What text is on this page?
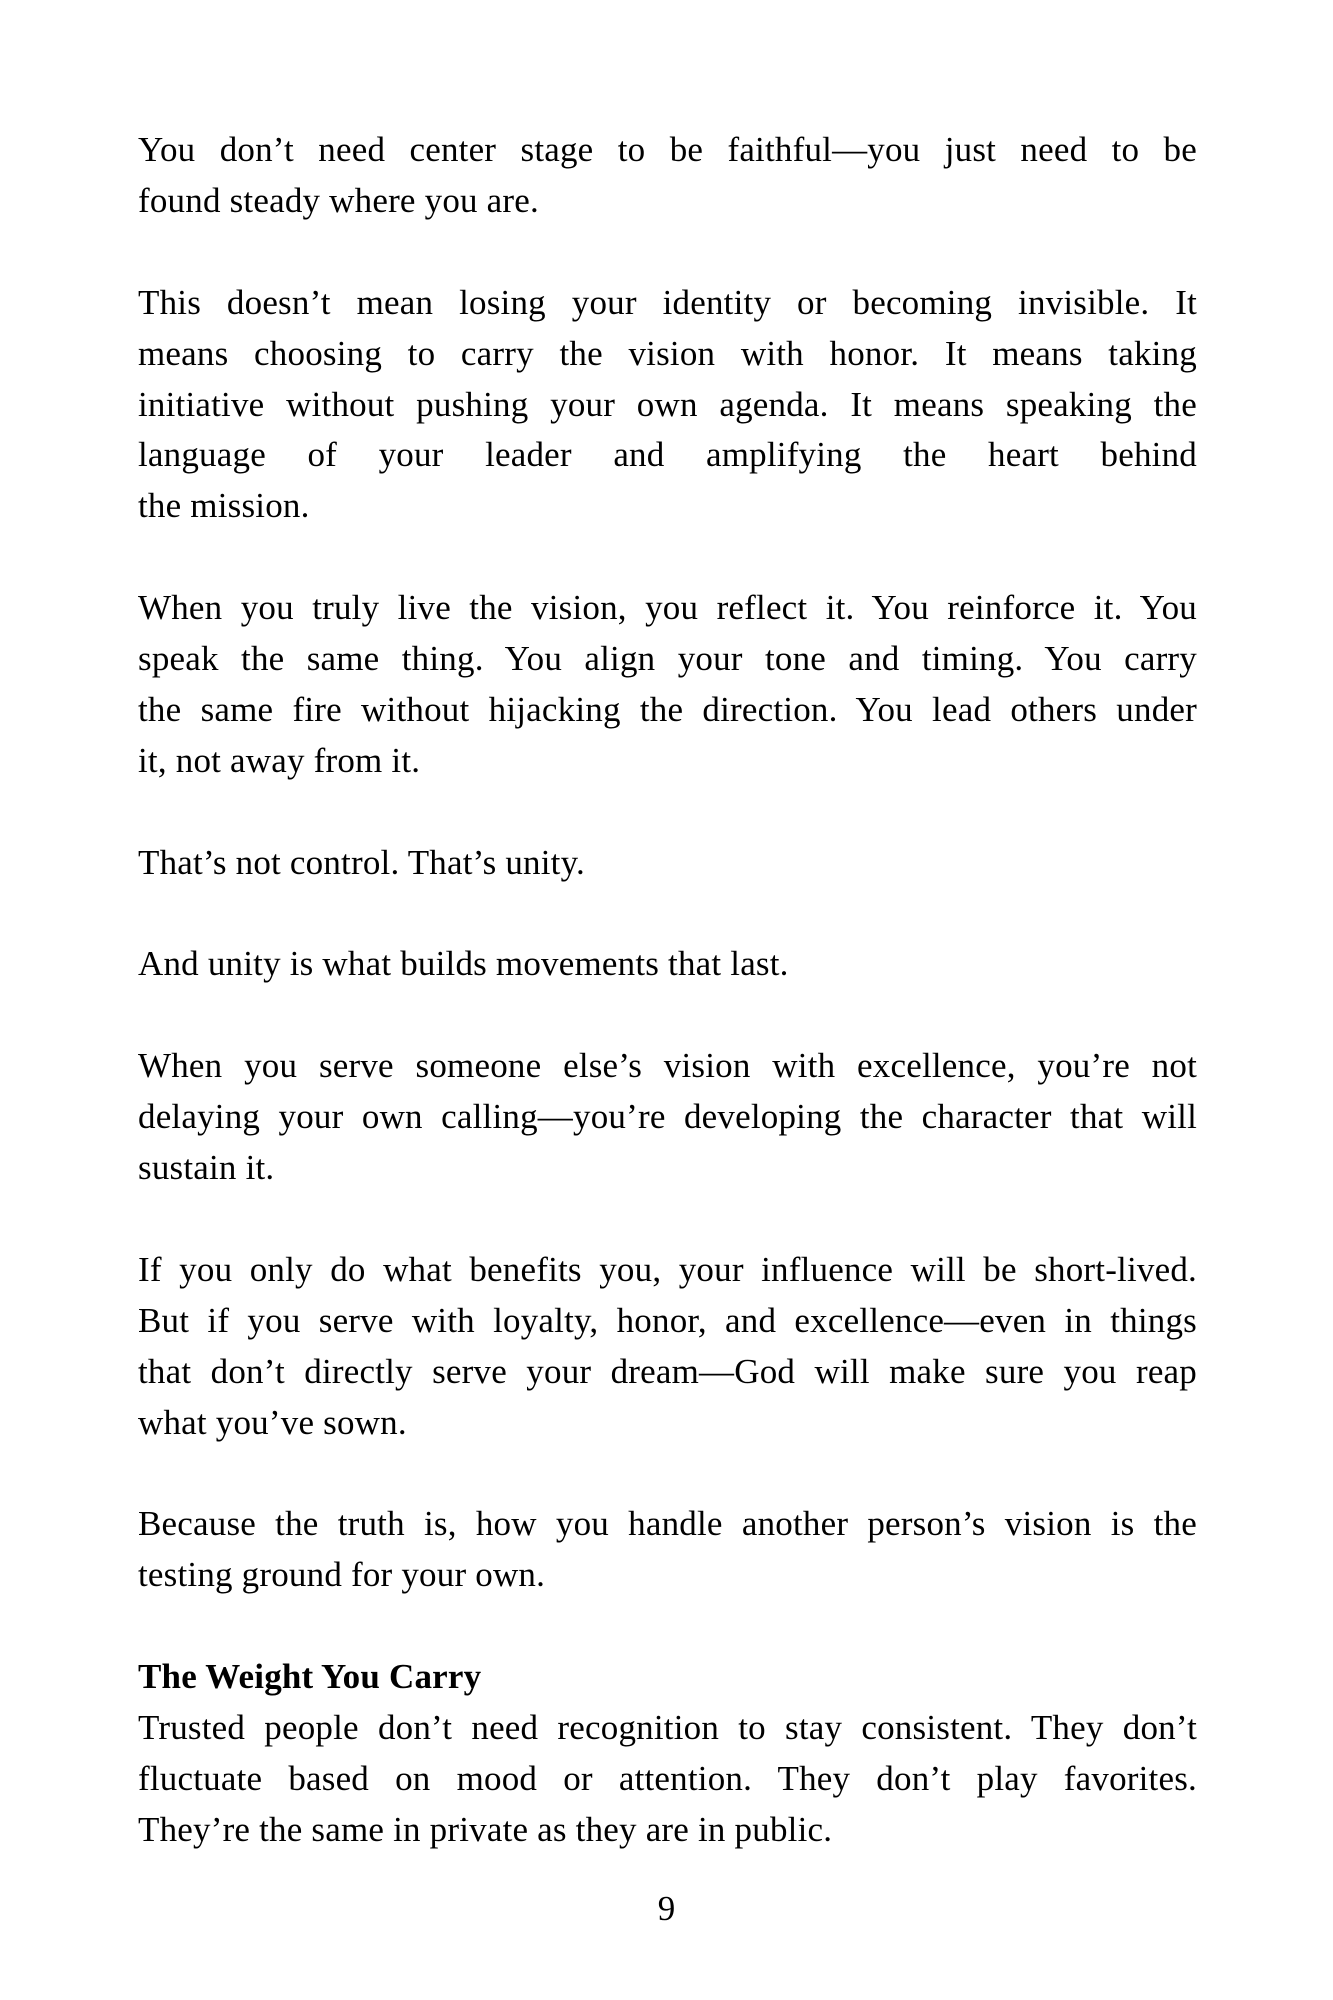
You don’t need center stage to be faithful—you just need to be
found steady where you are.
This doesn’t mean losing your identity or becoming invisible. It
means choosing to carry the vision with honor. It means taking
initiative without pushing your own agenda. It means speaking the
language of your leader and amplifying the heart behind
the mission.
When you truly live the vision, you reflect it. You reinforce it. You
speak the same thing. You align your tone and timing. You carry
the same fire without hijacking the direction. You lead others under
it, not away from it.
That’s not control. That’s unity.
And unity is what builds movements that last.
When you serve someone else’s vision with excellence, you’re not
delaying your own calling—you’re developing the character that will
sustain it.
If you only do what benefits you, your influence will be short-lived.
But if you serve with loyalty, honor, and excellence—even in things
that don’t directly serve your dream—God will make sure you reap
what you’ve sown.
Because the truth is, how you handle another person’s vision is the
testing ground for your own.
The Weight You Carry
Trusted people don’t need recognition to stay consistent. They don’t
fluctuate based on mood or attention. They don’t play favorites.
They’re the same in private as they are in public.
9
